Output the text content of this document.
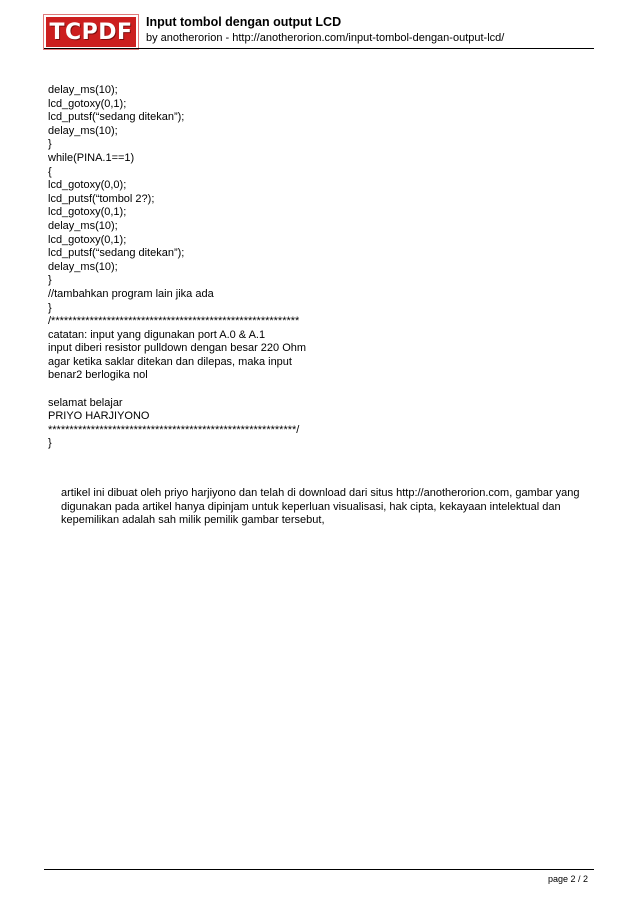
TCPDF	Input tombol dengan output LCD
by anotherorion - http://anotherorion.com/input-tombol-dengan-output-lcd/
delay_ms(10);
lcd_gotoxy(0,1);
lcd_putsf(“sedang ditekan”);
delay_ms(10);
}
while(PINA.1==1)
{
lcd_gotoxy(0,0);
lcd_putsf(“tombol 2?);
lcd_gotoxy(0,1);
delay_ms(10);
lcd_gotoxy(0,1);
lcd_putsf(“sedang ditekan”);
delay_ms(10);
}
//tambahkan program lain jika ada
}
/**********************************************************
catatan: input yang digunakan port A.0 & A.1
input diberi resistor pulldown dengan besar 220 Ohm
agar ketika saklar ditekan dan dilepas, maka input
benar2 berlogika nol
selamat belajar
PRIYO HARJIYONO
**********************************************************/
}
artikel ini dibuat oleh priyo harjiyono dan telah di download dari situs http://anotherorion.com, gambar yang
digunakan pada artikel hanya dipinjam untuk keperluan visualisasi, hak cipta, kekayaan intelektual dan
kepemilikan adalah sah milik pemilik gambar tersebut,
page 2 / 2
